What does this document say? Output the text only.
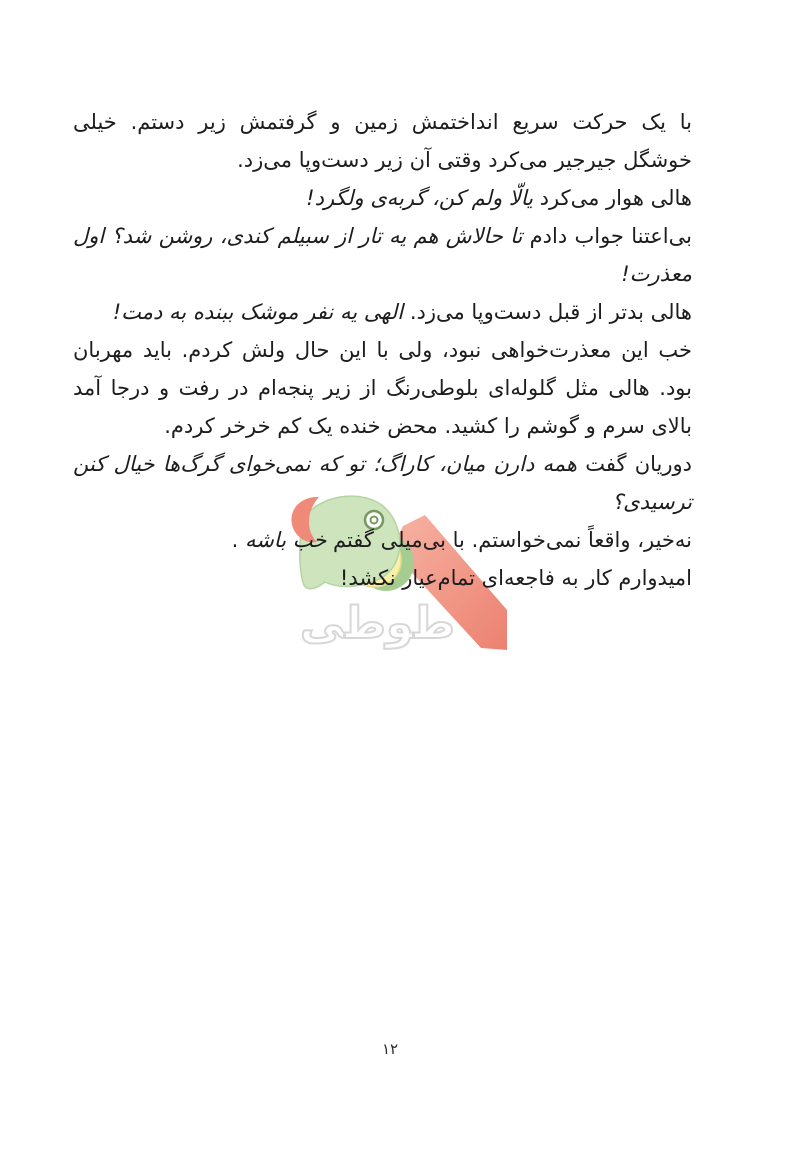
طوطی

با یک حرکت سریع انداختمش زمین و گرفتمش زیر دستم. خیلی خوشگل جیرجیر می‌کرد وقتی آن زیر دست‌وپا می‌زد.

هالی هوار می‌کرد یالّا ولم کن، گربه‌ی ولگرد!

بی‌اعتنا جواب دادم تا حالاش هم یه تار از سبیلم کندی، روشن شد؟ اول معذرت!

هالی بدتر از قبل دست‌وپا می‌زد. الهی یه نفر موشک ببنده به دمت!

خب این معذرت‌خواهی نبود، ولی با این حال ولش کردم. باید مهربان بود. هالی مثل گلوله‌ای بلوطی‌رنگ از زیر پنجه‌ام در رفت و درجا آمد بالای سرم و گوشم را کشید. محض خنده یک کم خرخر کردم.

دوریان گفت همه دارن میان، کاراگ؛ تو که نمی‌خوای گرگ‌ها خیال کنن ترسیدی؟

نه‌خیر، واقعاً نمی‌خواستم. با بی‌میلی گفتم خب باشه .

امیدوارم کار به فاجعه‌ای تمام‌عیار نکشد!

۱۲
